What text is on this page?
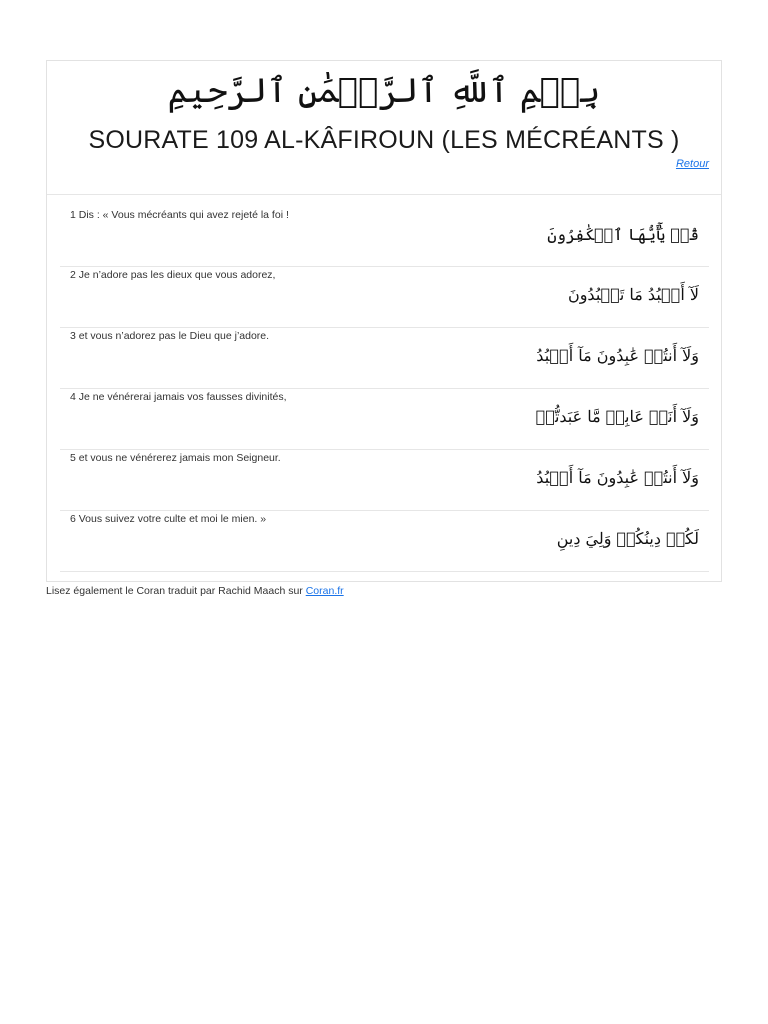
بِسۡمِ ٱللَّهِ ٱلرَّحۡمَٰنِ ٱلرَّحِيمِ
SOURATE 109 AL-KÂFIROUN (LES MÉCRÉANTS )
Retour
1 Dis : « Vous mécréants qui avez rejeté la foi !
قُلۡ يَٰٓأَيُّهَا ٱلۡكَٰفِرُونَ
2 Je n’adore pas les dieux que vous adorez,
لَآ أَعۡبُدُ مَا تَعۡبُدُونَ
3 et vous n’adorez pas le Dieu que j’adore.
وَلَآ أَنتُمۡ عَٰبِدُونَ مَآ أَعۡبُدُ
4 Je ne vénérerai jamais vos fausses divinités,
وَلَآ أَنَا۠ عَابِدٞ مَّا عَبَدتُّمۡ
5 et vous ne vénérerez jamais mon Seigneur.
وَلَآ أَنتُمۡ عَٰبِدُونَ مَآ أَعۡبُدُ
6 Vous suivez votre culte et moi le mien. »
لَكُمۡ دِينُكُمۡ وَلِيَ دِينِ
Lisez également le Coran traduit par Rachid Maach sur Coran.fr
